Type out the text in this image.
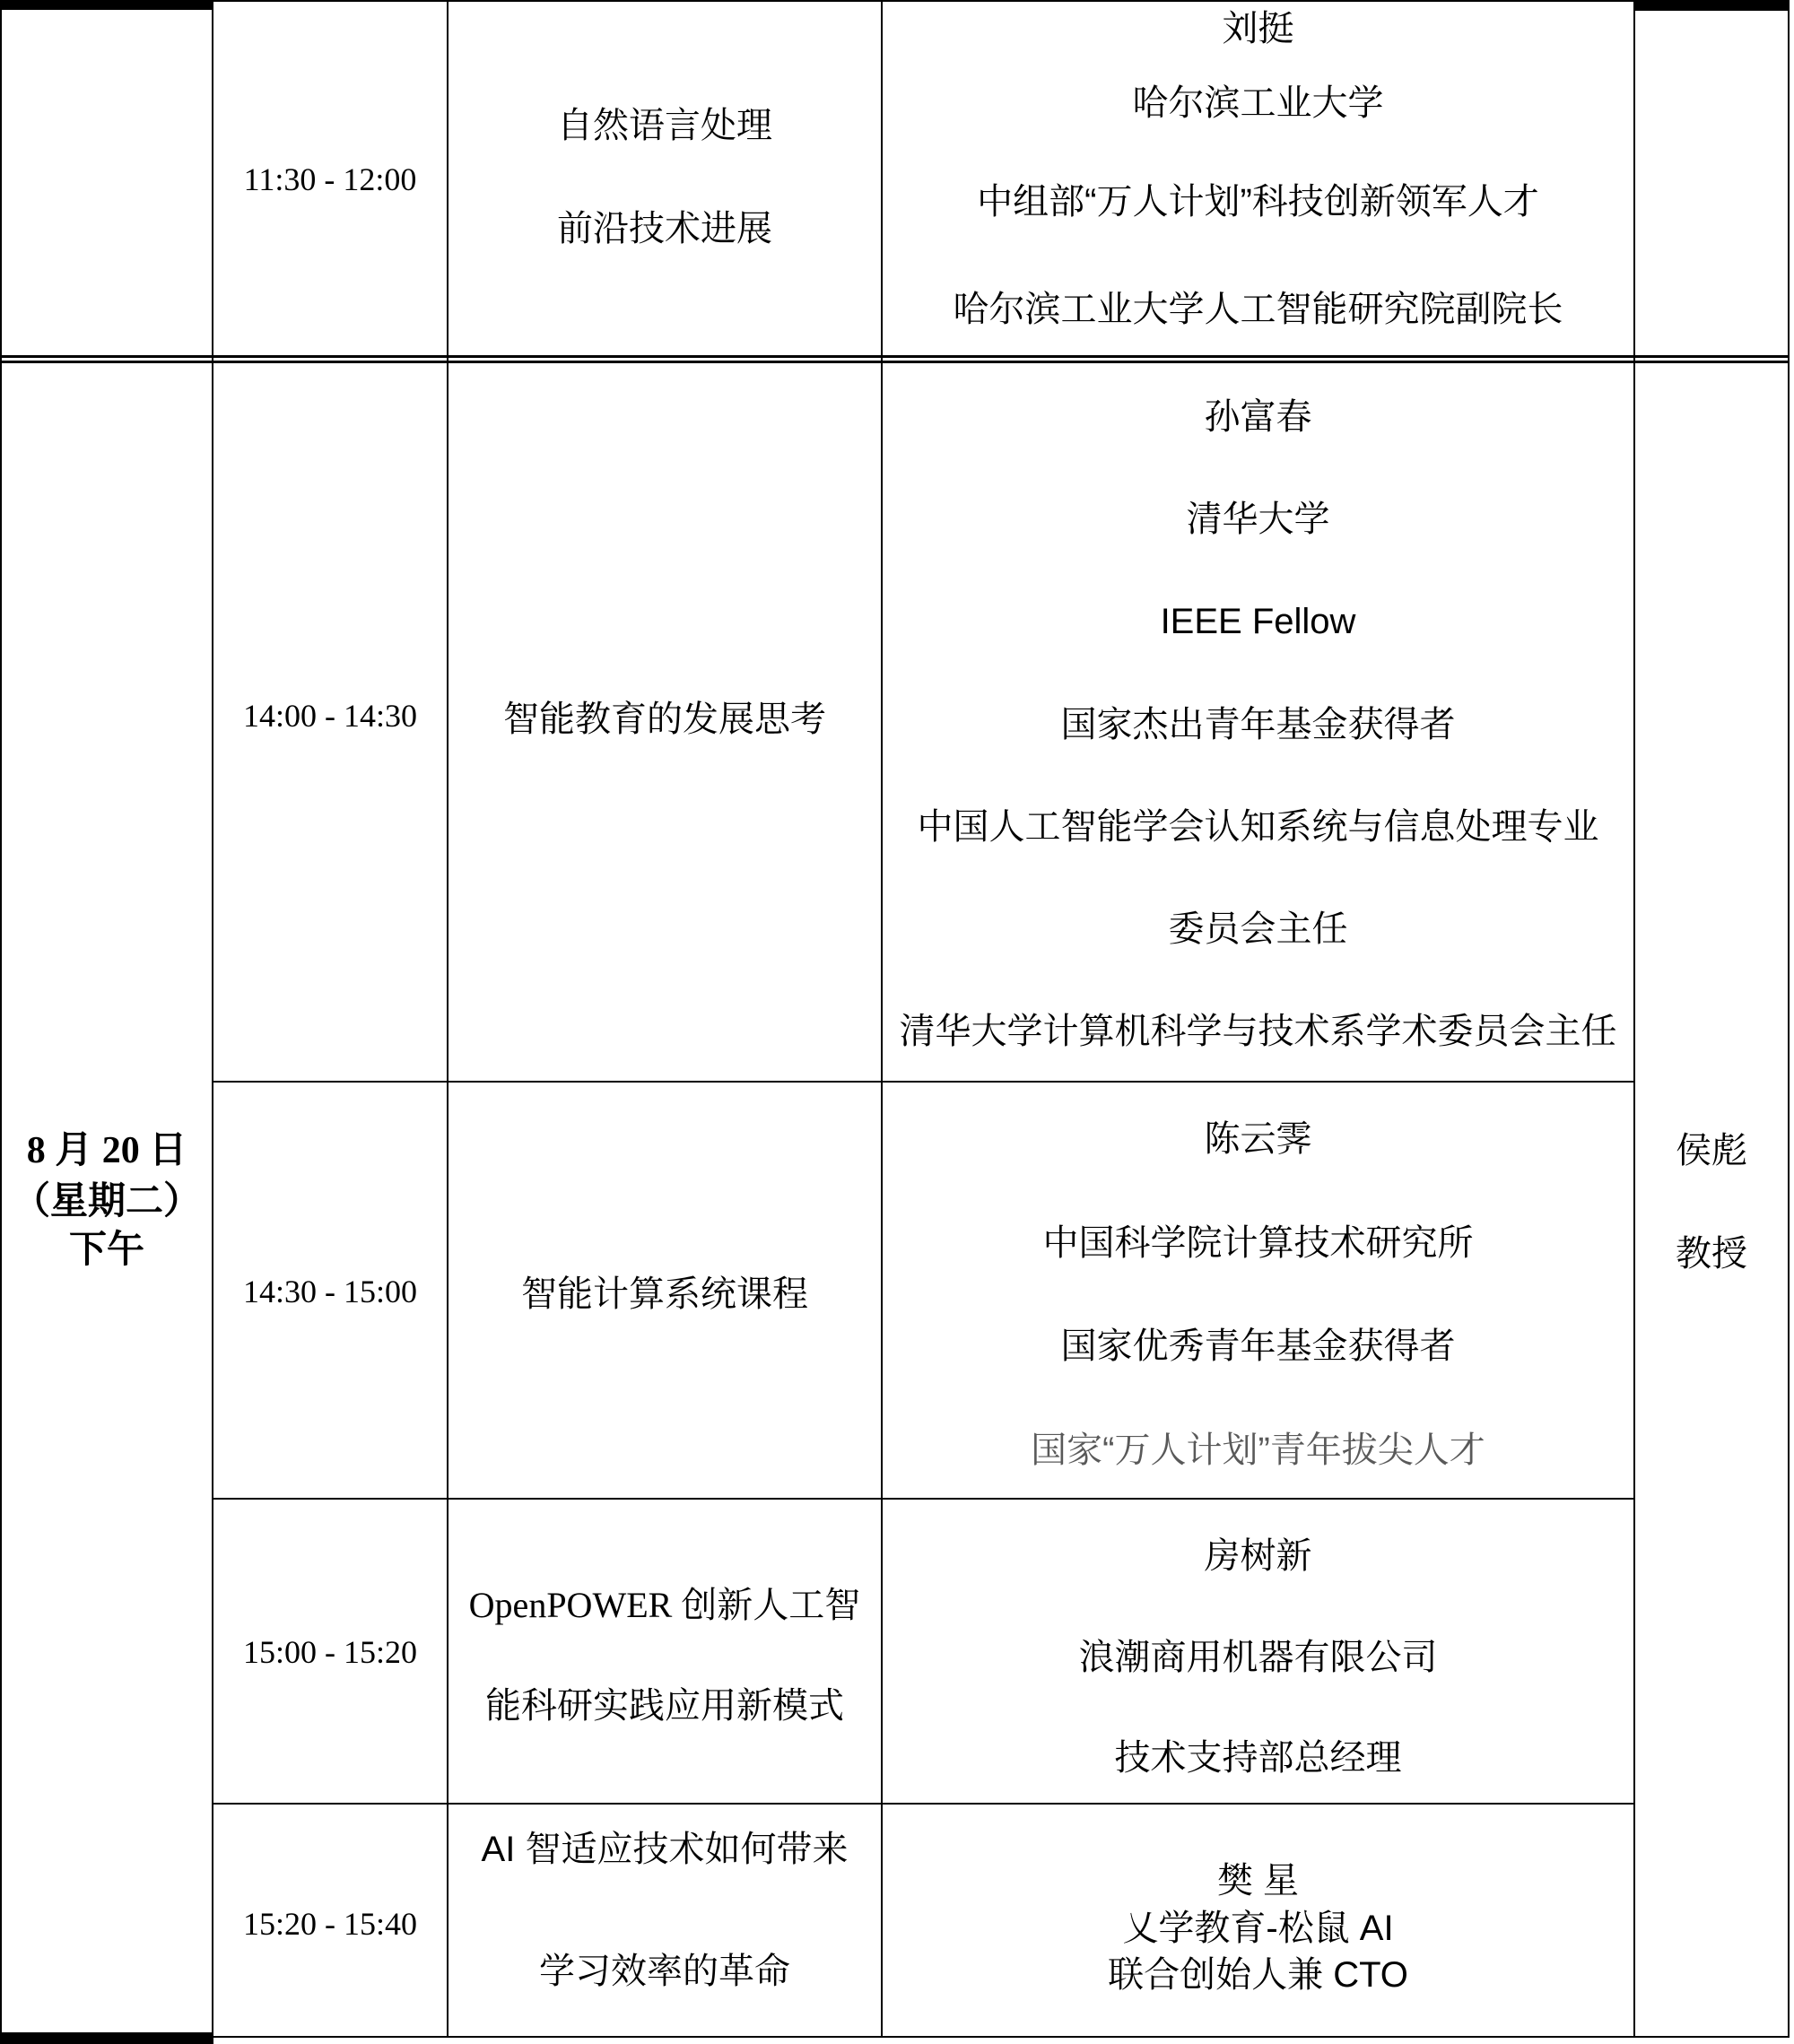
11:30 - 12:00
自然语言处理
前沿技术进展
刘挺
哈尔滨工业大学
中组部“万人计划”科技创新领军人才
哈尔滨工业大学人工智能研究院副院长
14:00 - 14:30	智能教育的发展思考
孙富春
清华大学
IEEE Fellow
国家杰出青年基金获得者
中国人工智能学会认知系统与信息处理专业
委员会主任
清华大学计算机科学与技术系学术委员会主任
14:30 - 15:00	智能计算系统课程
陈云霁
中国科学院计算技术研究所
国家优秀青年基金获得者
国家“万人计划”青年拔尖人才
15:00 - 15:20
OpenPOWER 创新人工智
能科研实践应用新模式
房树新
浪潮商用机器有限公司
技术支持部总经理
15:20 - 15:40
AI 智适应技术如何带来
学习效率的革命
樊 星
乂学教育-松鼠 AI
联合创始人兼 CTO
8 月 20 日
（星期二）
下午
侯彪
教授
